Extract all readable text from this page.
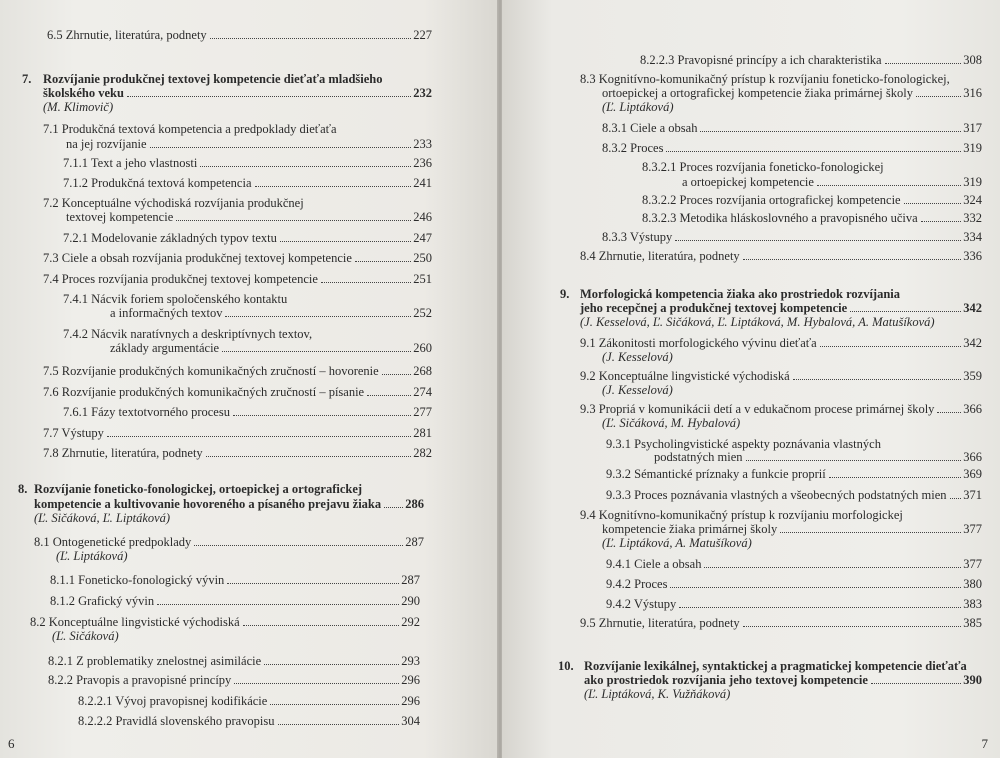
6.5 Zhrnutie, literatúra, podnety	227
7. Rozvíjanie produkčnej textovej kompetencie dieťaťa mladšieho
školského veku	232
(M. Klimovič)
7.1 Produkčná textová kompetencia a predpoklady dieťaťa
na jej rozvíjanie	233
7.1.1 Text a jeho vlastnosti	236
7.1.2 Produkčná textová kompetencia	241
7.2 Konceptuálne východiská rozvíjania produkčnej
textovej kompetencie	246
7.2.1 Modelovanie základných typov textu	247
7.3 Ciele a obsah rozvíjania produkčnej textovej kompetencie	250
7.4 Proces rozvíjania produkčnej textovej kompetencie	251
7.4.1 Nácvik foriem spoločenského kontaktu
a informačných textov	252
7.4.2 Nácvik naratívnych a deskriptívnych textov,
základy argumentácie	260
7.5 Rozvíjanie produkčných komunikačných zručností – hovorenie	268
7.6 Rozvíjanie produkčných komunikačných zručností – písanie	274
7.6.1 Fázy textotvorného procesu	277
7.7 Výstupy	281
7.8 Zhrnutie, literatúra, podnety	282
8. Rozvíjanie foneticko-fonologickej, ortoepickej a ortografickej
kompetencie a kultivovanie hovoreného a písaného prejavu žiaka 286
(Ľ. Sičáková, Ľ. Liptáková)
8.1 Ontogenetické predpoklady	287
(Ľ. Liptáková)
8.1.1 Foneticko-fonologický vývin	287
8.1.2 Grafický vývin	290
8.2 Konceptuálne lingvistické východiská	292
(Ľ. Sičáková)
8.2.1 Z problematiky znelostnej asimilácie	293
8.2.2 Pravopis a pravopisné princípy	296
8.2.2.1 Vývoj pravopisnej kodifikácie	296
8.2.2.2 Pravidlá slovenského pravopisu	304
6
8.2.2.3 Pravopisné princípy a ich charakteristika	308
8.3 Kognitívno-komunikačný prístup k rozvíjaniu foneticko-fonologickej,
ortoepickej a ortografickej kompetencie žiaka primárnej školy	316
(Ľ. Liptáková)
8.3.1 Ciele a obsah	317
8.3.2 Proces	319
8.3.2.1 Proces rozvíjania foneticko-fonologickej
a ortoepickej kompetencie	319
8.3.2.2 Proces rozvíjania ortografickej kompetencie	324
8.3.2.3 Metodika hláskoslovného a pravopisného učiva	332
8.3.3 Výstupy	334
8.4 Zhrnutie, literatúra, podnety	336
9. Morfologická kompetencia žiaka ako prostriedok rozvíjania
jeho recepčnej a produkčnej textovej kompetencie	342
(J. Kesselová, Ľ. Sičáková, Ľ. Liptáková, M. Hybalová, A. Matušíková)
9.1 Zákonitosti morfologického vývinu dieťaťa	342
(J. Kesselová)
9.2 Konceptuálne lingvistické východiská	359
(J. Kesselová)
9.3 Propriá v komunikácii detí a v edukačnom procese primárnej školy 366
(Ľ. Sičáková, M. Hybalová)
9.3.1 Psycholingvistické aspekty poznávania vlastných
podstatných mien	366
9.3.2 Sémantické príznaky a funkcie proprií	369
9.3.3 Proces poznávania vlastných a všeobecných podstatných mien 371
9.4 Kognitívno-komunikačný prístup k rozvíjaniu morfologickej
kompetencie žiaka primárnej školy	377
(Ľ. Liptáková, A. Matušíková)
9.4.1 Ciele a obsah	377
9.4.2 Proces	380
9.4.2 Výstupy	383
9.5 Zhrnutie, literatúra, podnety	385
10. Rozvíjanie lexikálnej, syntaktickej a pragmatickej kompetencie dieťaťa
ako prostriedok rozvíjania jeho textovej kompetencie	390
(Ľ. Liptáková, K. Vužňáková)
7
